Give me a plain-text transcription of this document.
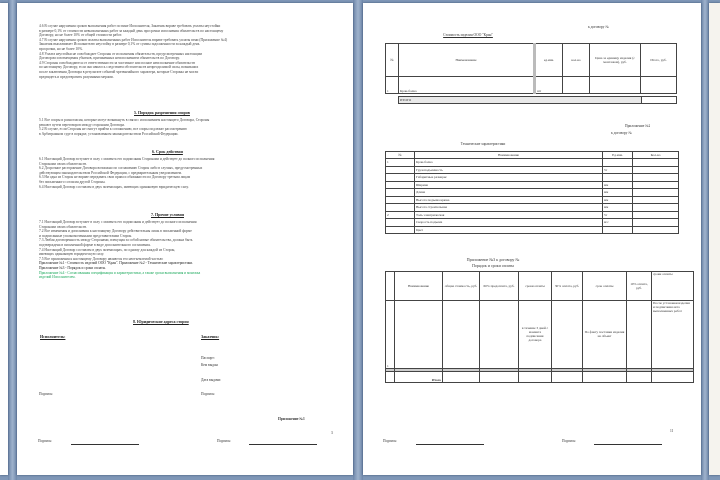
4.6 В случае нарушения сроков выполнения работ по вине Исполнителя, Заказчик вправе требовать уплаты неустойки

в размере 0,1% от стоимости невыполненных работ за каждый день просрочки исполнения обязательств по настоящему

Договору, но не более 10% от общей стоимости работ.

4.7 В случае нарушения сроков оплаты выполненных работ Исполнитель вправе требовать уплаты пени (Приложение №4)

Заказчик выплачивает Исполнителю неустойку в размере 0,1% от суммы задолженности за каждый день

просрочки, но не более 10%.

4.8 Уплата неустойки не освобождает Стороны от исполнения обязательств, предусмотренных настоящим

Договором и возмещения убытков, причиненных неисполнением обязательств по Договору.

4.9 Стороны освобождаются от ответственности за частичное или полное неисполнение обязательств

по настоящему Договору, если оно явилось следствием обстоятельств непреодолимой силы, возникших

после заключения Договора в результате событий чрезвычайного характера, которые Стороны не могли

предвидеть и предотвратить разумными мерами.

5. Порядок разрешения споров

5.1 Все споры и разногласия, которые могут возникнуть в связи с исполнением настоящего Договора, Стороны

решают путем переговоров между сторонами Договора.

5.2 В случае, если Стороны не смогут прийти к соглашению, все споры подлежат рассмотрению

в Арбитражном суде в порядке, установленном законодательством Российской Федерации.

6. Срок действия

6.1 Настоящий Договор вступает в силу с момента его подписания Сторонами и действует до полного исполнения

Сторонами своих обязательств.

6.2 Досрочное расторжение Договора возможно по соглашению Сторон либо в случаях, предусмотренных

действующим законодательством Российской Федерации, с предварительным уведомлением.

6.3 Ни одна из Сторон не вправе передавать свои права и обязанности по Договору третьим лицам

без письменного согласия другой Стороны.

6.4 Настоящий Договор составлен в двух экземплярах, имеющих одинаковую юридическую силу.

7. Прочие условия

7.1 Настоящий Договор вступает в силу с момента его подписания и действует до полного исполнения

Сторонами своих обязательств.

7.2 Все изменения и дополнения к настоящему Договору действительны лишь в письменной форме

и подписанные уполномоченными представителями Сторон.

7.3 Любая договоренность между Сторонами, влекущая за собой новые обязательства, должна быть

подтверждена в письменной форме в виде дополнительного соглашения.

7.4 Настоящий Договор составлен в двух экземплярах, по одному для каждой из Сторон,

имеющих одинаковую юридическую силу.

7.5 Все приложения к настоящему Договору являются его неотъемлемой частью:

Приложение №1 - Стоимость изделий ООО "Кран". Приложение №2 - Технические характеристики.

Приложение №3 - Порядок и сроки оплаты.

Приложение №4 - Согласованная спецификация и характеристики, а также сроки выполнения и монтажа

изделий Исполнителем.

8. Юридические адреса сторон
Исполнитель:	Заказчик:
Паспорт:
Кем выдан:
Дата выдачи:
Подпись:	Подпись:
Приложение №1
3
Подпись:	Подпись:
к договору №
Стоимость изделия ООО "Кран"
№	Наименование	ед.изм.	кол-во	Цена за единицу изделия (с монтажом), руб.	Итого, руб.
1	Кран-балка	шт			
ИТОГО	
Приложение №2
к договору №
Технические характеристики
№	Наименование	Ед.изм.	Кол-во
1	Кран-балка		
	Грузоподъемность	5т	
	Габаритные размеры:		
	Ширина	мм	
	Длина	мм	
	Высота подъема крюка	мм	
	Высота строительная	мм	
2	Таль электрическая	5т	
	Скорость подъема	м/с	
	Цвет		
Приложение №3 к договору №
Порядок и сроки оплаты
	Наименование	общая стоимость, руб.	60% предоплата, руб.	сроки оплаты	30% оплата, руб.	срок оплаты	10% оплата, руб.	сроки оплаты
1				в течение 3 дней с момента подписания договора		По факту поставки изделия на объект		После установки изделия и подписания акта выполненных работ

	Итого							
11
Подпись:	Подпись:
